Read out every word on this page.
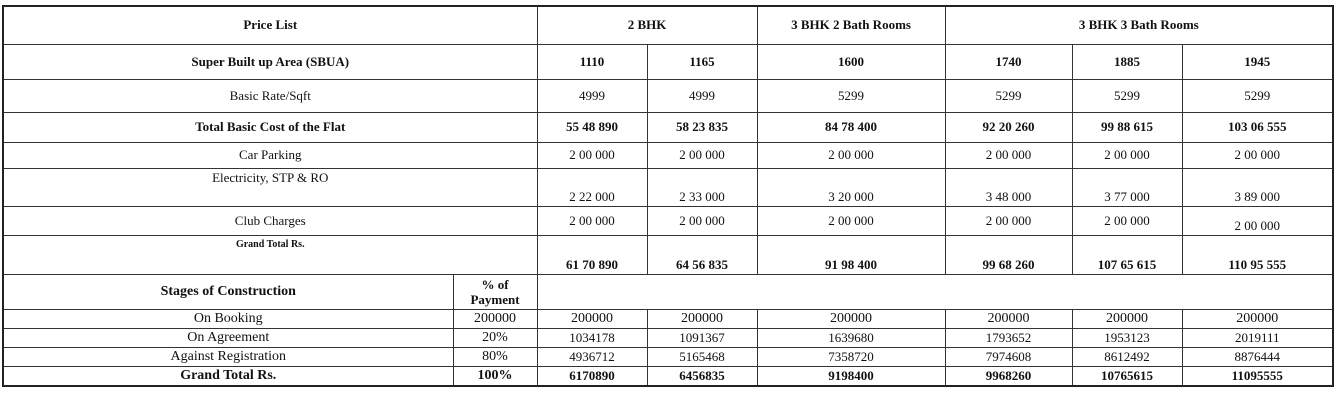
Price List		2 BHK		3 BHK 2 Bath Rooms	3 BHK 3 Bath Rooms		
Super Built up Area (SBUA)		1110	1165	1600	1740	1885	1945
Basic Rate/Sqft		4999	4999	5299	5299	5299	5299
Total Basic Cost of the Flat		55 48 890	58 23 835	84 78 400	92 20 260	99 88 615	103 06 555
Car Parking		2 00 000	2 00 000	2 00 000	2 00 000	2 00 000	2 00 000
Electricity, STP & RO		2 22 000	2 33 000	3 20 000	3 48 000	3 77 000	3 89 000
Club Charges		2 00 000	2 00 000	2 00 000	2 00 000	2 00 000	2 00 000
Grand Total Rs.		61 70 890	64 56 835	91 98 400	99 68 260	107 65 615	110 95 555
Stages of Construction	% of Payment						
On Booking	200000	200000	200000	200000	200000	200000	200000
On Agreement	20%	1034178	1091367	1639680	1793652	1953123	2019111
Against Registration	80%	4936712	5165468	7358720	7974608	8612492	8876444
Grand Total Rs.	100%	6170890	6456835	9198400	9968260	10765615	11095555
